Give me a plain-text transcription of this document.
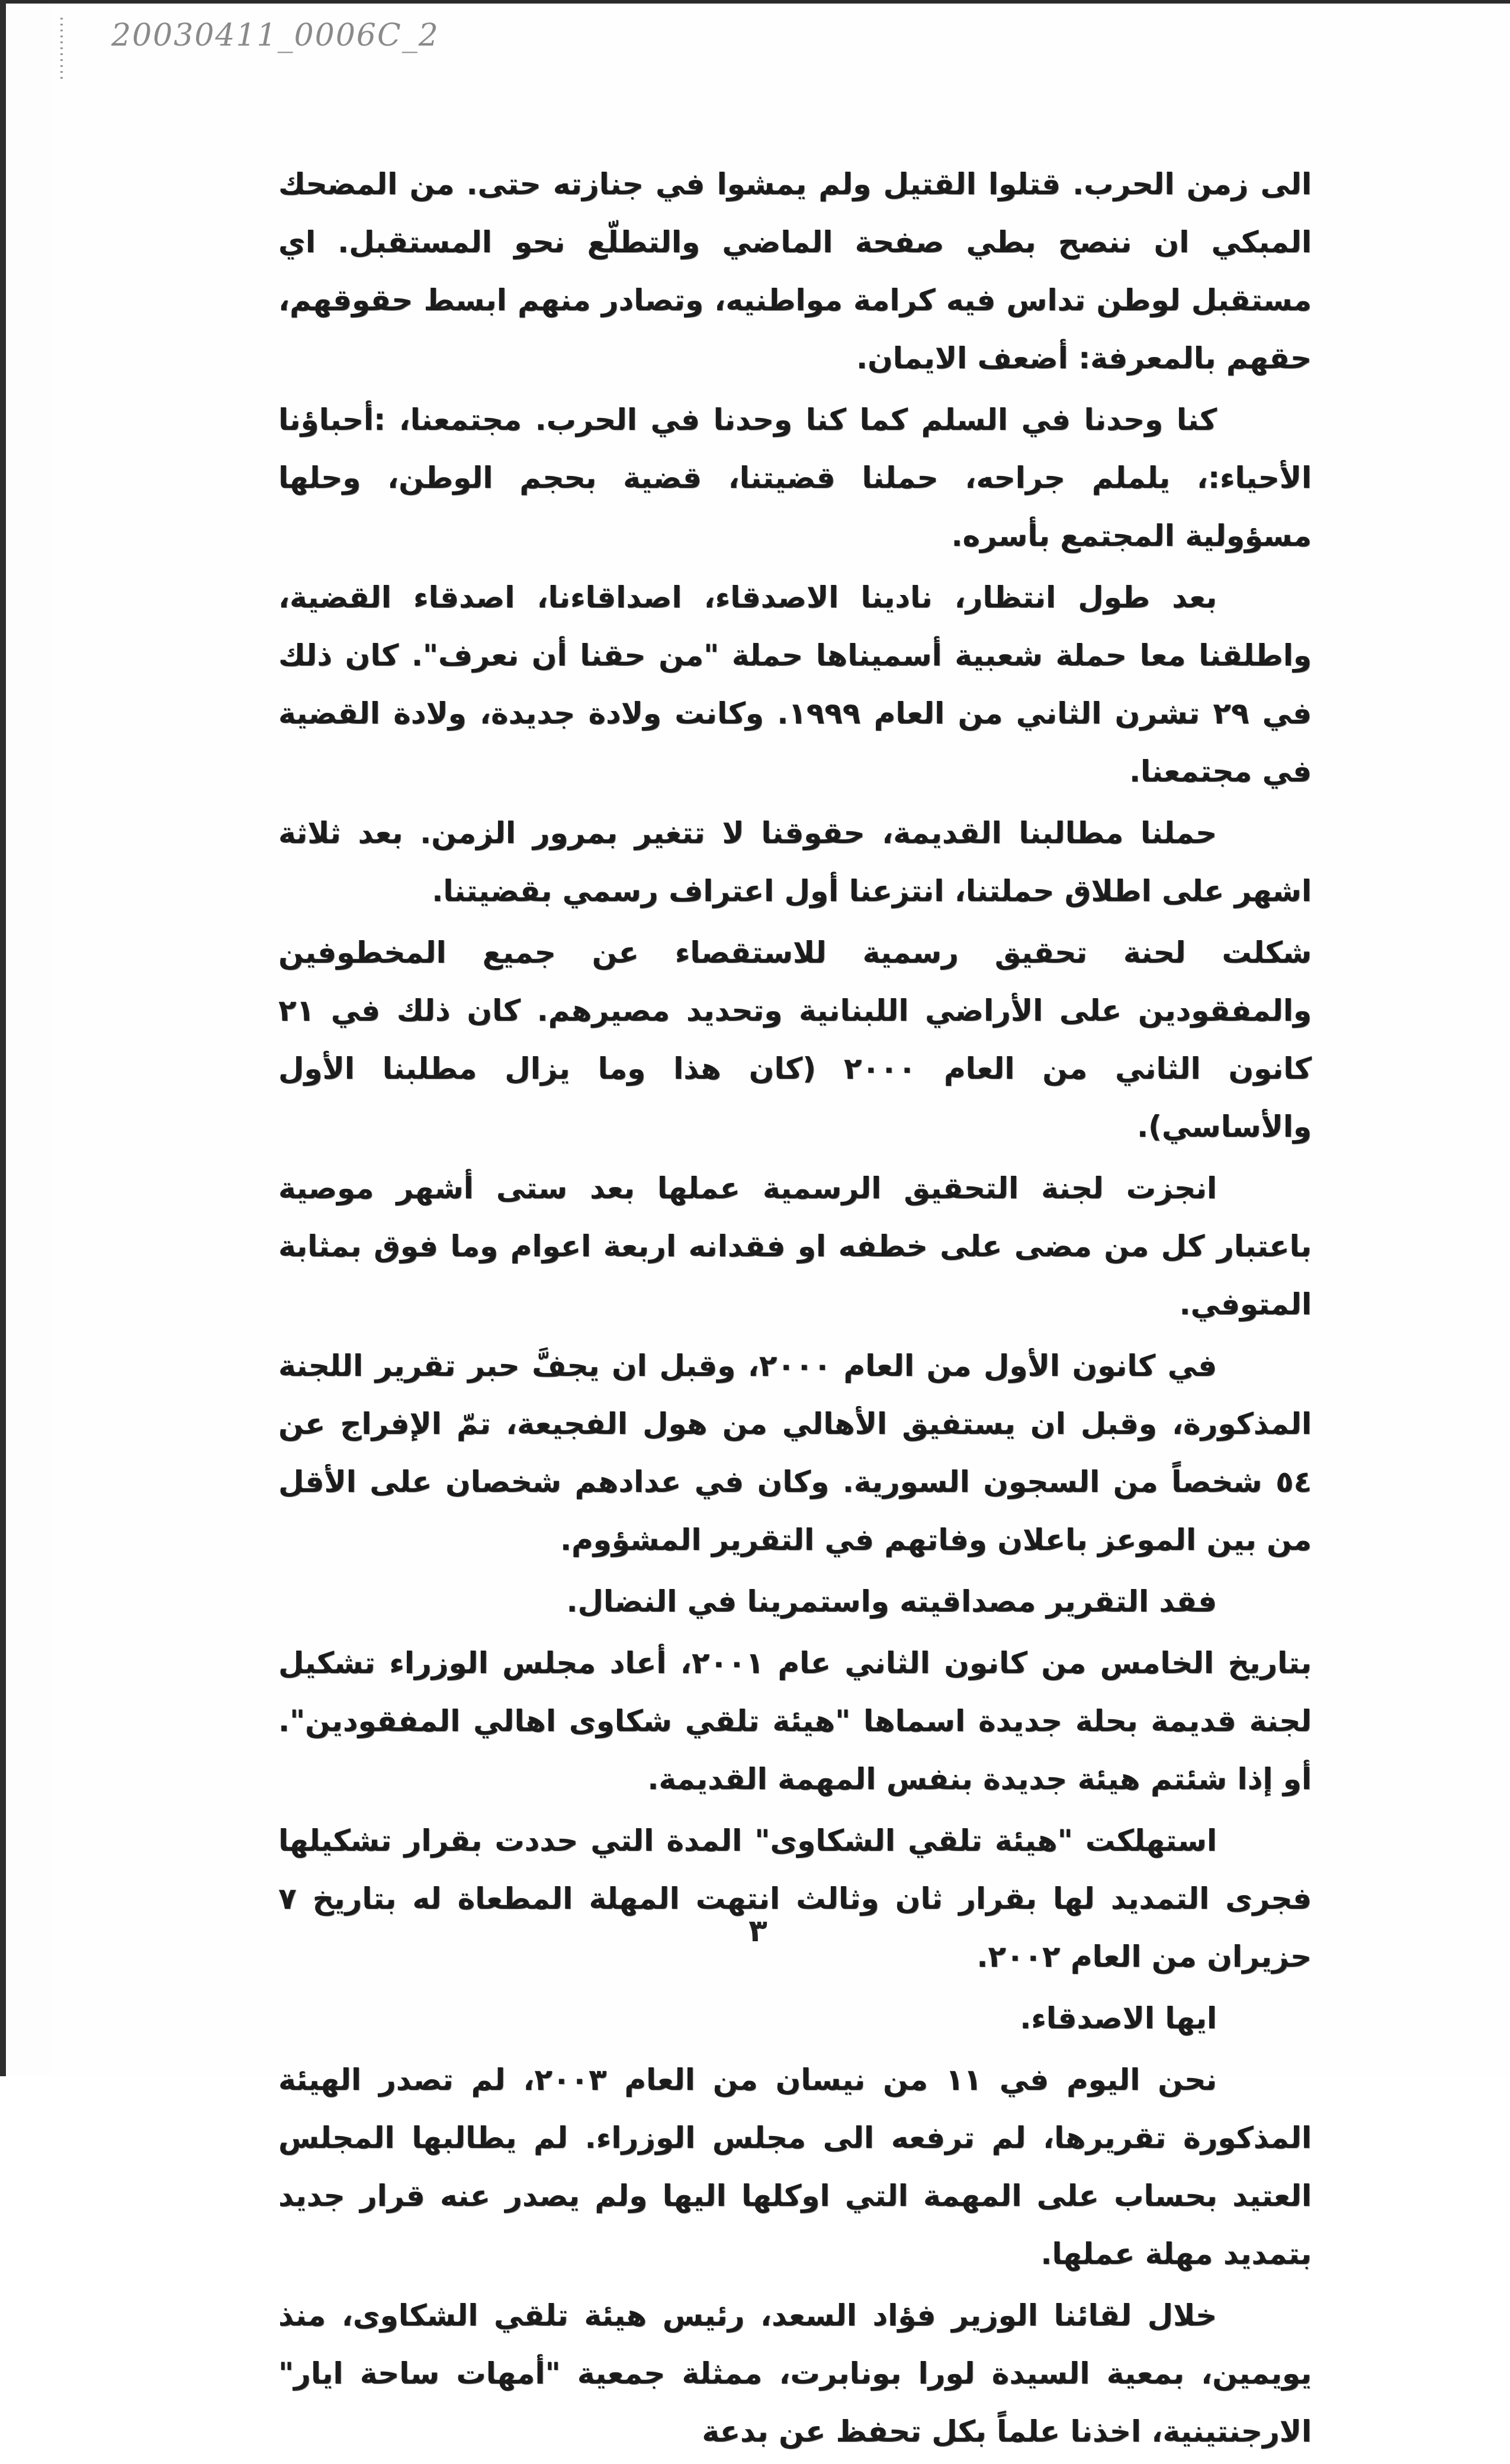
20030411_0006C_2

الى زمن الحرب. قتلوا القتيل ولم يمشوا في جنازته حتى. من المضحك المبكي ان ننصح بطي صفحة الماضي والتطلّع نحو المستقبل. اي مستقبل لوطن تداس فيه كرامة مواطنيه، وتصادر منهم ابسط حقوقهم، حقهم بالمعرفة: أضعف الايمان.

كنا وحدنا في السلم كما كنا وحدنا في الحرب. مجتمعنا، :أحباؤنا الأحياء:، يلملم جراحه، حملنا قضيتنا، قضية بحجم الوطن، وحلها مسؤولية المجتمع بأسره.

بعد طول انتظار، نادينا الاصدقاء، اصداقاءنا، اصدقاء القضية، واطلقنا معا حملة شعبية أسميناها حملة "من حقنا أن نعرف". كان ذلك في ٢٩ تشرن الثاني من العام ١٩٩٩. وكانت ولادة جديدة، ولادة القضية في مجتمعنا.

حملنا مطالبنا القديمة، حقوقنا لا تتغير بمرور الزمن. بعد ثلاثة اشهر على اطلاق حملتنا، انتزعنا أول اعتراف رسمي بقضيتنا.

شكلت لحنة تحقيق رسمية للاستقصاء عن جميع المخطوفين والمفقودين على الأراضي اللبنانية وتحديد مصيرهم. كان ذلك في ٢١ كانون الثاني من العام ٢٠٠٠ (كان هذا وما يزال مطلبنا الأول والأساسي).

انجزت لجنة التحقيق الرسمية عملها بعد ستى أشهر موصية باعتبار كل من مضى على خطفه او فقدانه اربعة اعوام وما فوق بمثابة المتوفي.

في كانون الأول من العام ٢٠٠٠، وقبل ان يجفَّ حبر تقرير اللجنة المذكورة، وقبل ان يستفيق الأهالي من هول الفجيعة، تمّ الإفراج عن ٥٤ شخصاً من السجون السورية. وكان في عدادهم شخصان على الأقل من بين الموعز باعلان وفاتهم في التقرير المشؤوم.

فقد التقرير مصداقيته واستمرينا في النضال.

بتاريخ الخامس من كانون الثاني عام ٢٠٠١، أعاد مجلس الوزراء تشكيل لجنة قديمة بحلة جديدة اسماها "هيئة تلقي شكاوى اهالي المفقودين". أو إذا شئتم هيئة جديدة بنفس المهمة القديمة.

استهلكت "هيئة تلقي الشكاوى" المدة التي حددت بقرار تشكيلها فجرى التمديد لها بقرار ثان وثالث انتهت المهلة المطعاة له بتاريخ ٧ حزيران من العام ٢٠٠٢.

ايها الاصدقاء.

نحن اليوم في ١١ من نيسان من العام ٢٠٠٣، لم تصدر الهيئة المذكورة تقريرها، لم ترفعه الى مجلس الوزراء. لم يطالبها المجلس العتيد بحساب على المهمة التي اوكلها اليها ولم يصدر عنه قرار جديد بتمديد مهلة عملها.

خلال لقائنا الوزير فؤاد السعد، رئيس هيئة تلقي الشكاوى، منذ يويمين، بمعية السيدة لورا بونابرت، ممثلة جمعية "أمهات ساحة ايار" الارجنتينية، اخذنا علماً بكل تحفظ عن بدعة

٣
